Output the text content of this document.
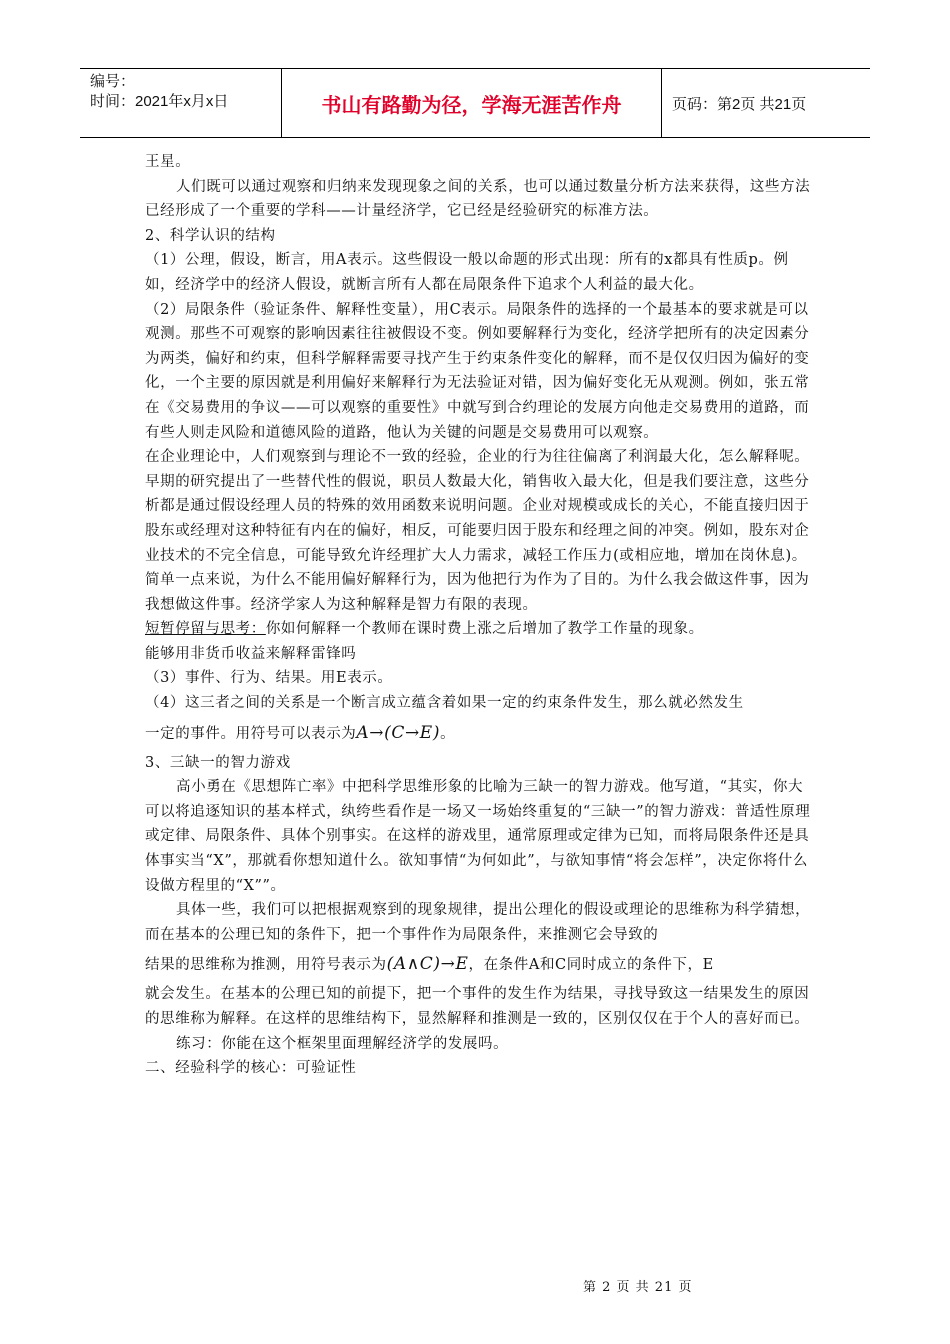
编号：
时间：2021年x月x日	书山有路勤为径，学海无涯苦作舟	页码：第2页 共21页

王星。

人们既可以通过观察和归纳来发现现象之间的关系，也可以通过数量分析方法来获得，这些方法已经形成了一个重要的学科——计量经济学，它已经是经验研究的标准方法。

2、科学认识的结构

（1）公理，假设，断言，用A表示。这些假设一般以命题的形式出现：所有的x都具有性质p。例如，经济学中的经济人假设，就断言所有人都在局限条件下追求个人利益的最大化。

（2）局限条件（验证条件、解释性变量），用C表示。局限条件的选择的一个最基本的要求就是可以观测。那些不可观察的影响因素往往被假设不变。例如要解释行为变化，经济学把所有的决定因素分为两类，偏好和约束，但科学解释需要寻找产生于约束条件变化的解释，而不是仅仅归因为偏好的变化，一个主要的原因就是利用偏好来解释行为无法验证对错，因为偏好变化无从观测。例如，张五常在《交易费用的争议——可以观察的重要性》中就写到合约理论的发展方向他走交易费用的道路，而有些人则走风险和道德风险的道路，他认为关键的问题是交易费用可以观察。

在企业理论中，人们观察到与理论不一致的经验，企业的行为往往偏离了利润最大化，怎么解释呢。早期的研究提出了一些替代性的假说，职员人数最大化，销售收入最大化，但是我们要注意，这些分析都是通过假设经理人员的特殊的效用函数来说明问题。企业对规模或成长的关心，不能直接归因于股东或经理对这种特征有内在的偏好，相反，可能要归因于股东和经理之间的冲突。例如，股东对企业技术的不完全信息，可能导致允许经理扩大人力需求，减轻工作压力(或相应地，增加在岗休息)。

简单一点来说，为什么不能用偏好解释行为，因为他把行为作为了目的。为什么我会做这件事，因为我想做这件事。经济学家人为这种解释是智力有限的表现。

短暂停留与思考：你如何解释一个教师在课时费上涨之后增加了教学工作量的现象。

能够用非货币收益来解释雷锋吗

（3）事件、行为、结果。用E表示。

（4）这三者之间的关系是一个断言成立蕴含着如果一定的约束条件发生，那么就必然发生

一定的事件。用符号可以表示为A→(C→E)。

3、三缺一的智力游戏

高小勇在《思想阵亡率》中把科学思维形象的比喻为三缺一的智力游戏。他写道，“其实，你大可以将追逐知识的基本样式，纨绔些看作是一场又一场始终重复的“三缺一”的智力游戏：普适性原理或定律、局限条件、具体个别事实。在这样的游戏里，通常原理或定律为已知，而将局限条件还是具体事实当“X”，那就看你想知道什么。欲知事情“为何如此”，与欲知事情“将会怎样”，决定你将什么设做方程里的“X””。

具体一些，我们可以把根据观察到的现象规律，提出公理化的假设或理论的思维称为科学猜想，而在基本的公理已知的条件下，把一个事件作为局限条件，来推测它会导致的

结果的思维称为推测，用符号表示为(A∧C)→E，在条件A和C同时成立的条件下，E

就会发生。在基本的公理已知的前提下，把一个事件的发生作为结果，寻找导致这一结果发生的原因的思维称为解释。在这样的思维结构下，显然解释和推测是一致的，区别仅仅在于个人的喜好而已。

练习：你能在这个框架里面理解经济学的发展吗。

二、经验科学的核心：可验证性

第 2 页 共 21 页
